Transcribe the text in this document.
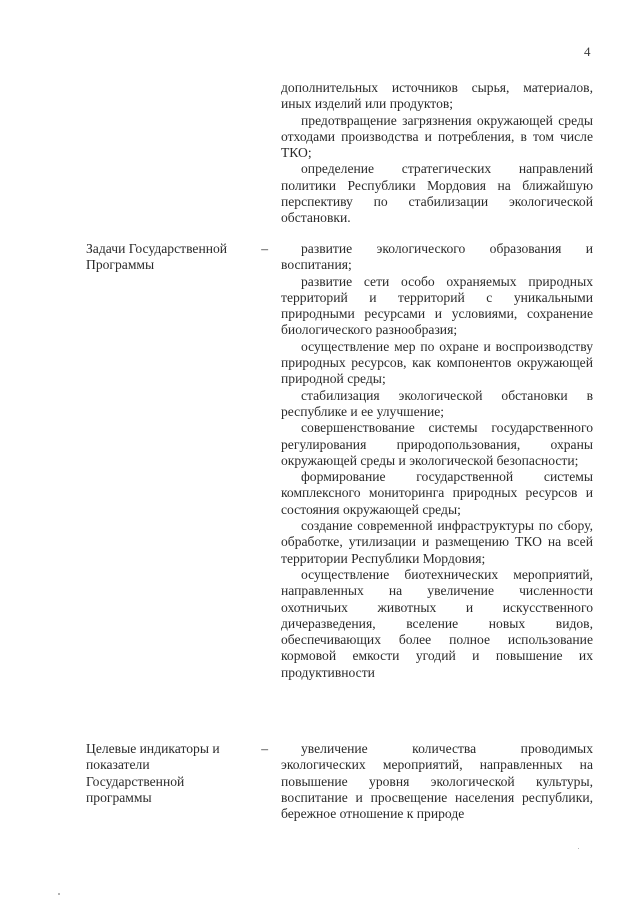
4
дополнительных источников сырья, материалов, иных изделий или продуктов;
предотвращение загрязнения окружающей среды отходами производства и потребления, в том числе ТКО;
определение стратегических направлений политики Республики Мордовия на ближайшую перспективу по стабилизации экологической обстановки.
Задачи Государственной	–
Программы
развитие экологического образования и воспитания;
развитие сети особо охраняемых природных территорий и территорий с уникальными природными ресурсами и условиями, сохранение биологического разнообразия;
осуществление мер по охране и воспроизводству природных ресурсов, как компонентов окружающей природной среды;
стабилизация экологической обстановки в республике и ее улучшение;
совершенствование системы государственного регулирования природопользования, охраны окружающей среды и экологической безопасности;
формирование государственной системы комплексного мониторинга природных ресурсов и состояния окружающей среды;
создание современной инфраструктуры по сбору, обработке, утилизации и размещению ТКО на всей территории Республики Мордовия;
осуществление биотехнических мероприятий, направленных на увеличение численности охотничьих животных и искусственного дичеразведения, вселение новых видов, обеспечивающих более полное использование кормовой емкости угодий и повышение их продуктивности
Целевые индикаторы и	–
показатели
Государственной
программы
увеличение количества проводимых экологических мероприятий, направленных на повышение уровня экологической культуры, воспитание и просвещение населения республики, бережное отношение к природе
